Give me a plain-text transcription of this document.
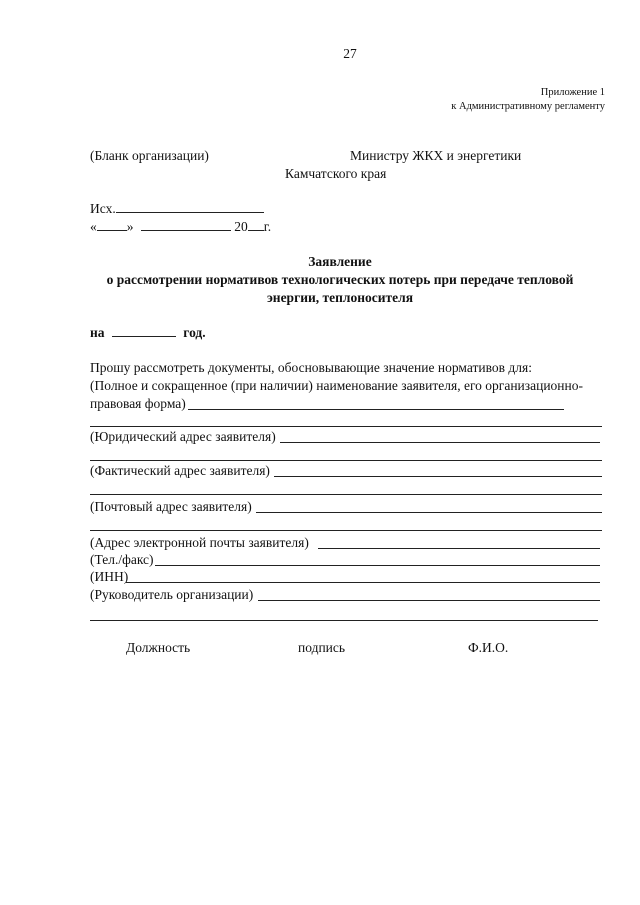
27
Приложение 1
к Административному регламенту
(Бланк организации)	Министру ЖКХ и энергетики
Камчатского края
Исх.
« »	20 г.
Заявление
о рассмотрении нормативов технологических потерь при передаче тепловой
энергии, теплоносителя
на	год.
Прошу рассмотреть документы, обосновывающие значение нормативов для:
(Полное и сокращенное (при наличии) наименование заявителя, его организационно-
правовая форма)
(Юридический адрес заявителя)
(Фактический адрес заявителя)
(Почтовый адрес заявителя)
(Адрес электронной почты заявителя)
(Тел./факс)
(ИНН)
(Руководитель организации)
Должность	подпись	Ф.И.О.
